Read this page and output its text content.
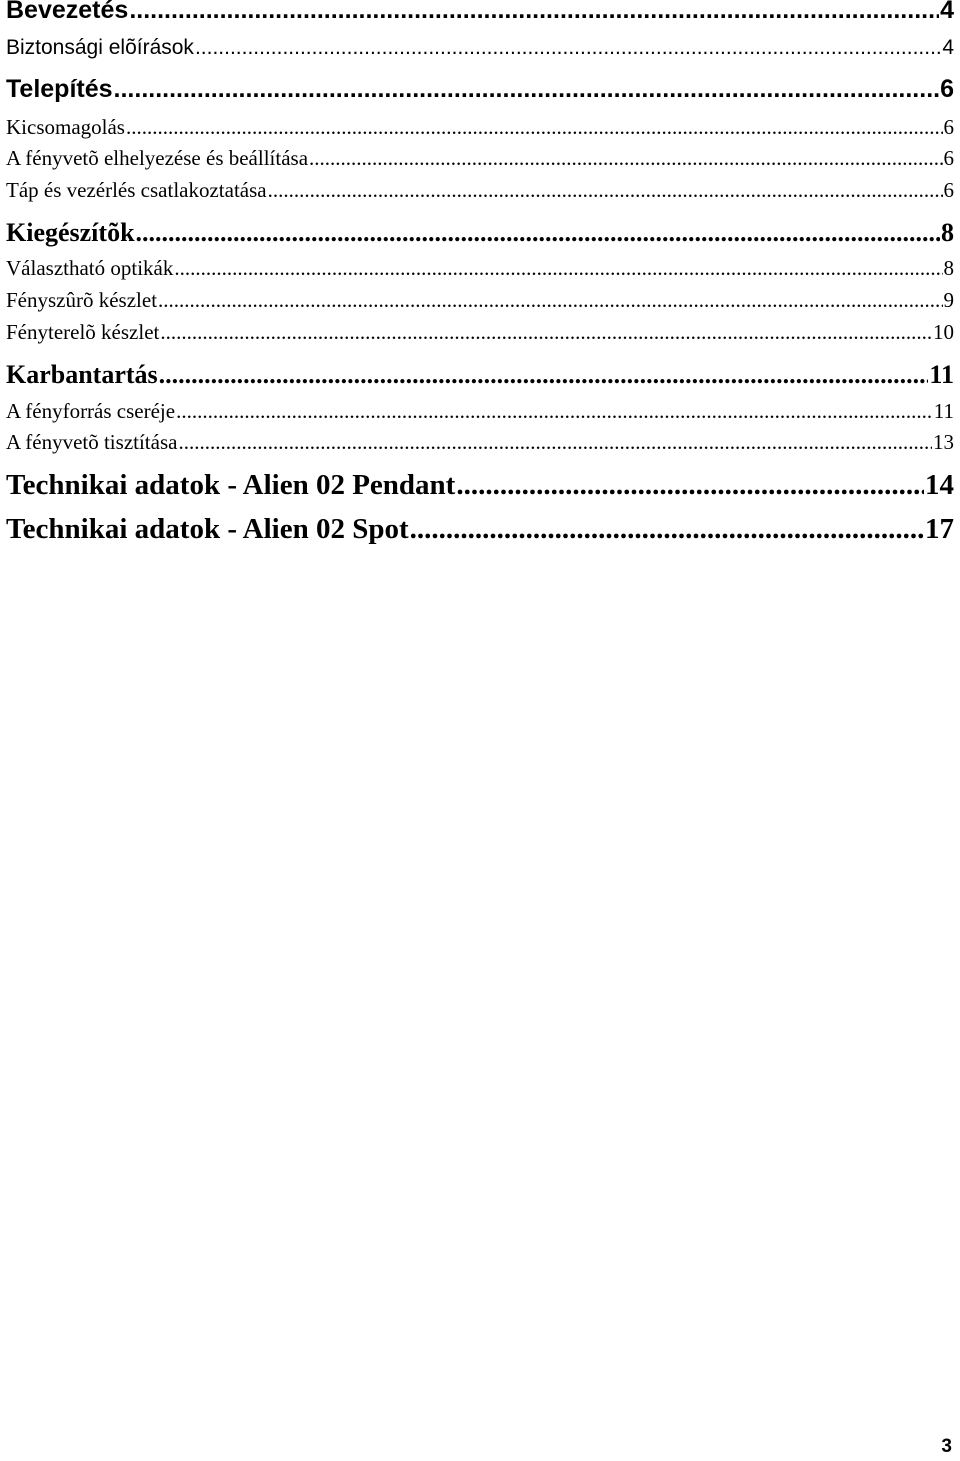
Bevezetés .....	4
Biztonsági elõírások .....	4
Telepítés .....	6
Kicsomagolás .....	6
A fényvetõ elhelyezése és beállítása .....	6
Táp és vezérlés csatlakoztatása .....	6
Kiegészítõk .....	8
Választható optikák .....	8
Fényszûrõ készlet .....	9
Fényterelõ készlet .....	10
Karbantartás .....	11
A fényforrás cseréje .....	11
A fényvetõ tisztítása .....	13
Technikai adatok - Alien 02 Pendant .....	14
Technikai adatok - Alien 02 Spot .....	17
3
